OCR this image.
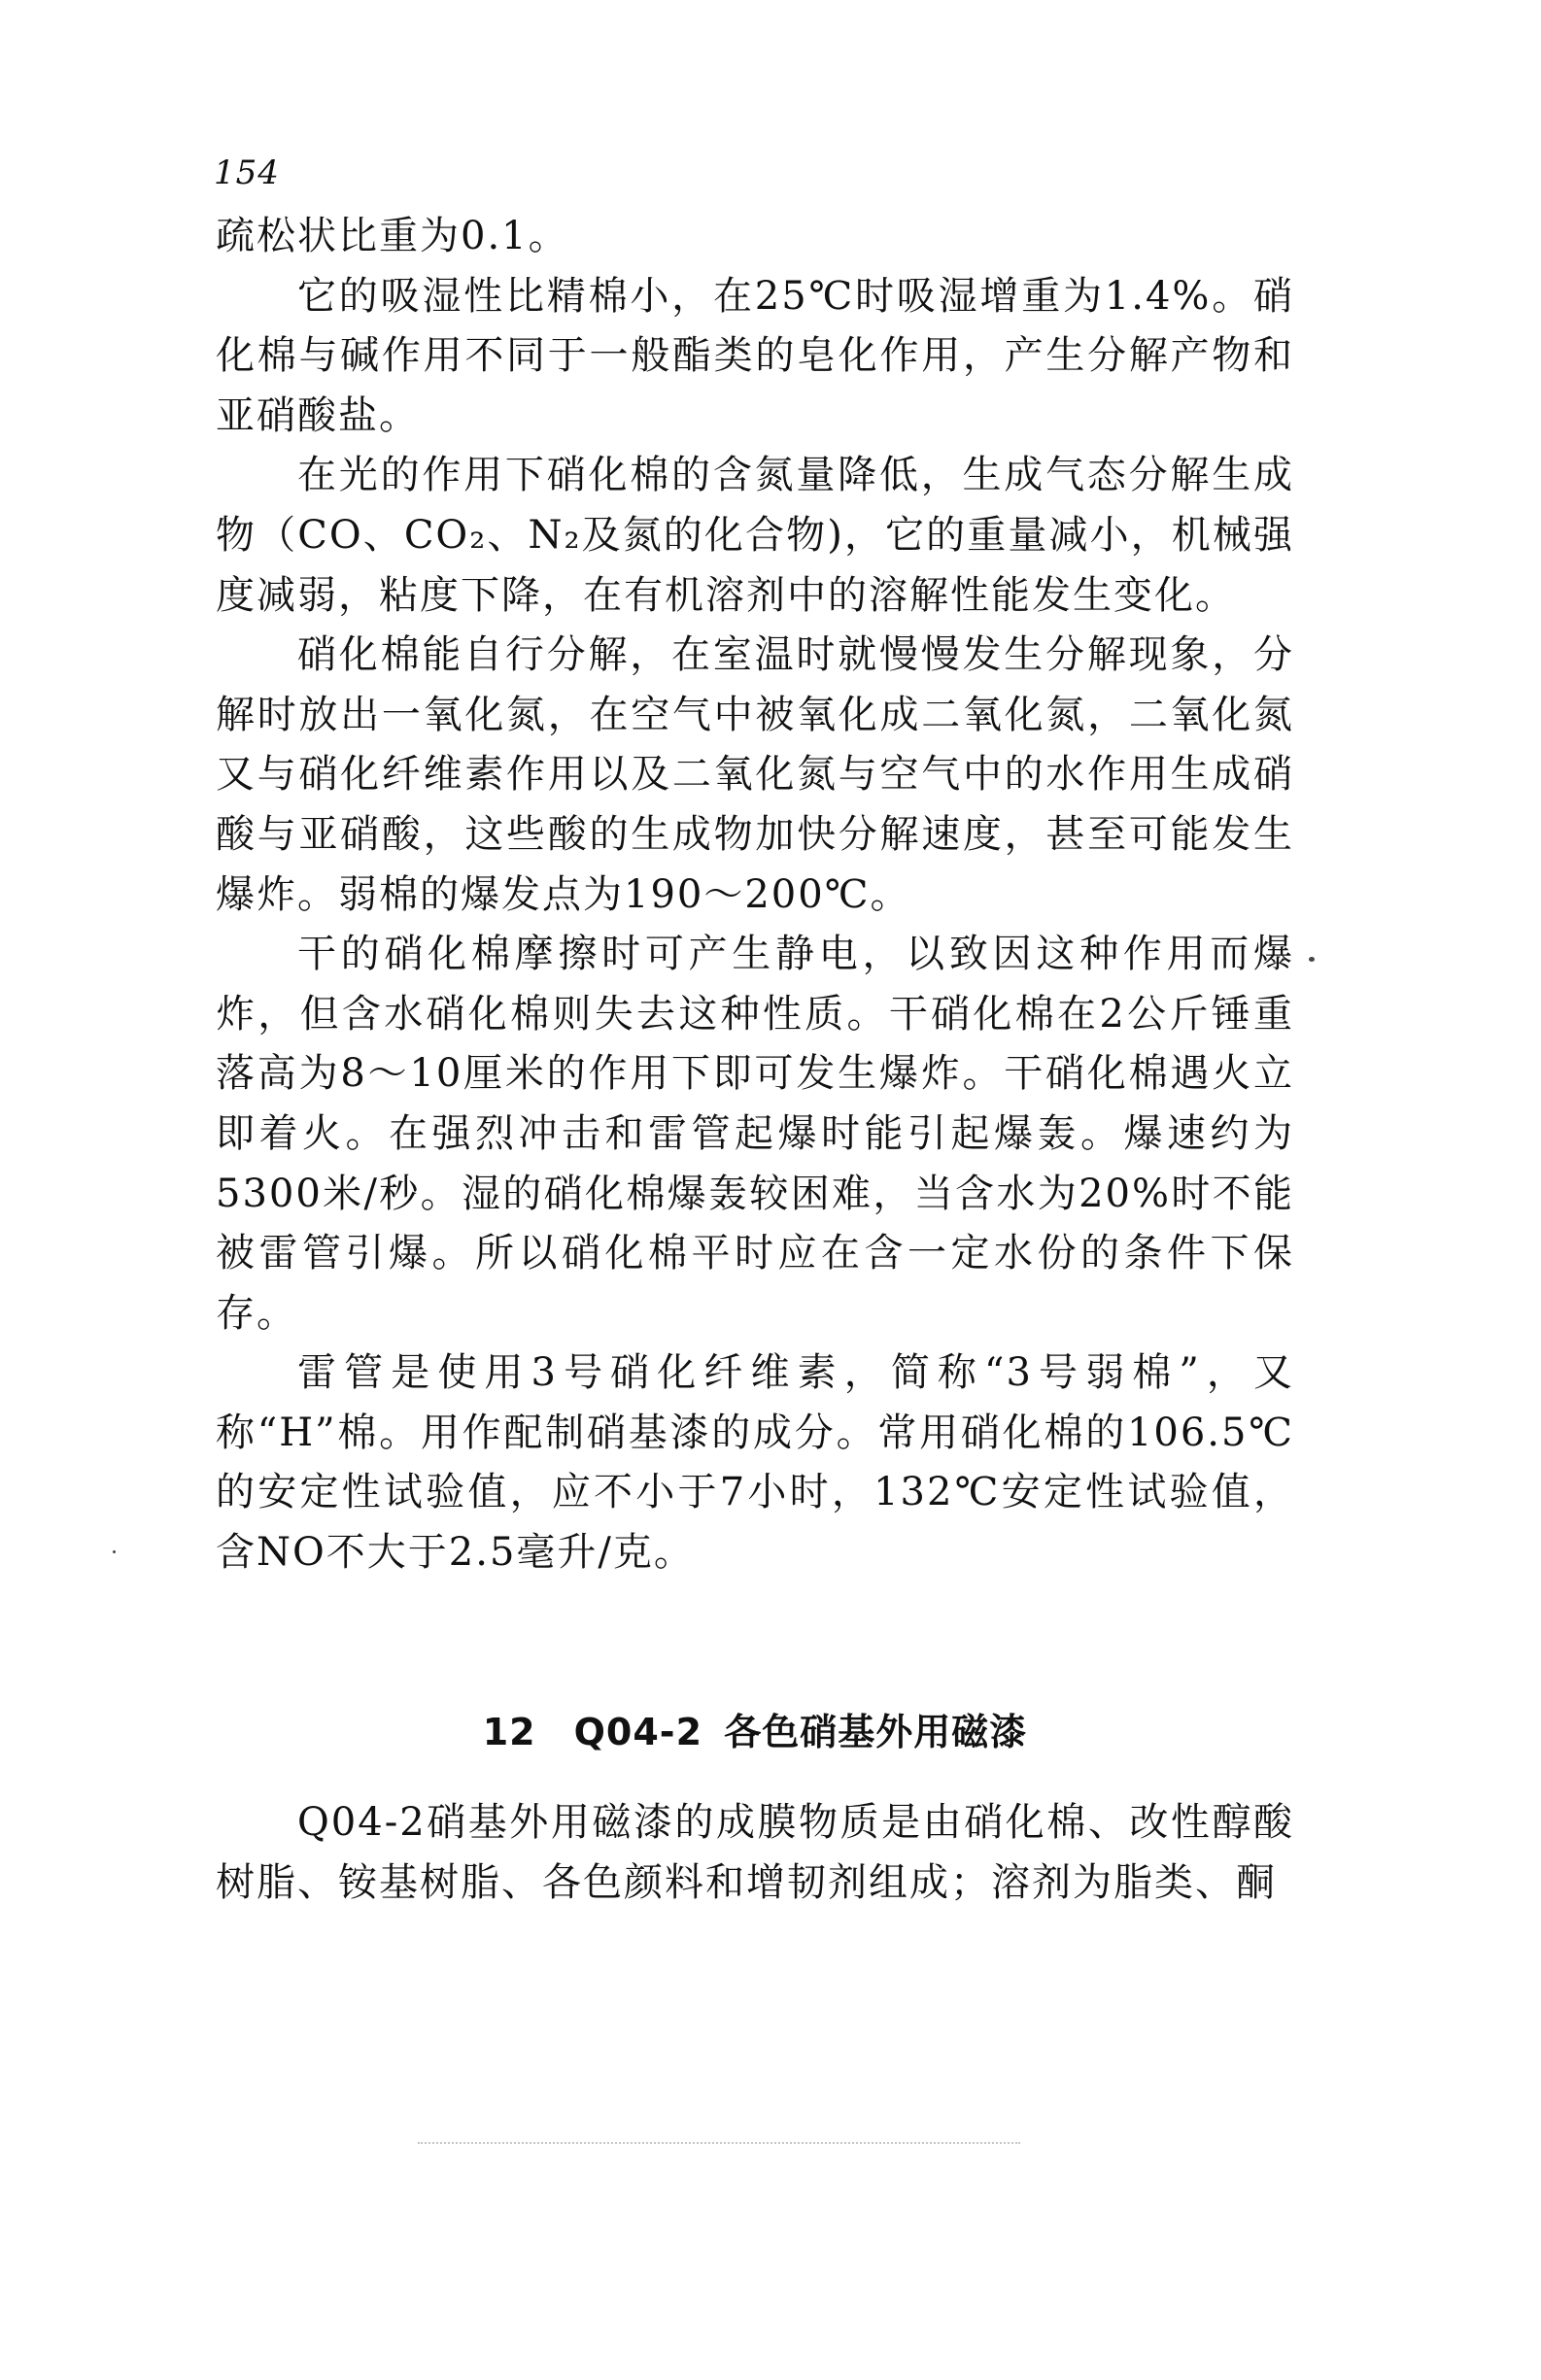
154

疏松状比重为0.1。

它的吸湿性比精棉小，在25℃时吸湿增重为1.4%。硝化棉与碱作用不同于一般酯类的皂化作用，产生分解产物和亚硝酸盐。

在光的作用下硝化棉的含氮量降低，生成气态分解生成物（CO、CO₂、N₂及氮的化合物)，它的重量减小，机械强度减弱，粘度下降，在有机溶剂中的溶解性能发生变化。

硝化棉能自行分解，在室温时就慢慢发生分解现象，分解时放出一氧化氮，在空气中被氧化成二氧化氮，二氧化氮又与硝化纤维素作用以及二氧化氮与空气中的水作用生成硝酸与亚硝酸，这些酸的生成物加快分解速度，甚至可能发生爆炸。弱棉的爆发点为190～200℃。

干的硝化棉摩擦时可产生静电，以致因这种作用而爆炸，但含水硝化棉则失去这种性质。干硝化棉在2公斤锤重落高为8～10厘米的作用下即可发生爆炸。干硝化棉遇火立即着火。在强烈冲击和雷管起爆时能引起爆轰。爆速约为5300米/秒。湿的硝化棉爆轰较困难，当含水为20%时不能被雷管引爆。所以硝化棉平时应在含一定水份的条件下保存。

雷管是使用3号硝化纤维素，简称“3号弱棉”，又称“H”棉。用作配制硝基漆的成分。常用硝化棉的106.5℃的安定性试验值，应不小于7小时，132℃安定性试验值，含NO不大于2.5毫升/克。

12　Q04-2 各色硝基外用磁漆

Q04-2硝基外用磁漆的成膜物质是由硝化棉、改性醇酸树脂、铵基树脂、各色颜料和增韧剂组成；溶剂为脂类、酮
